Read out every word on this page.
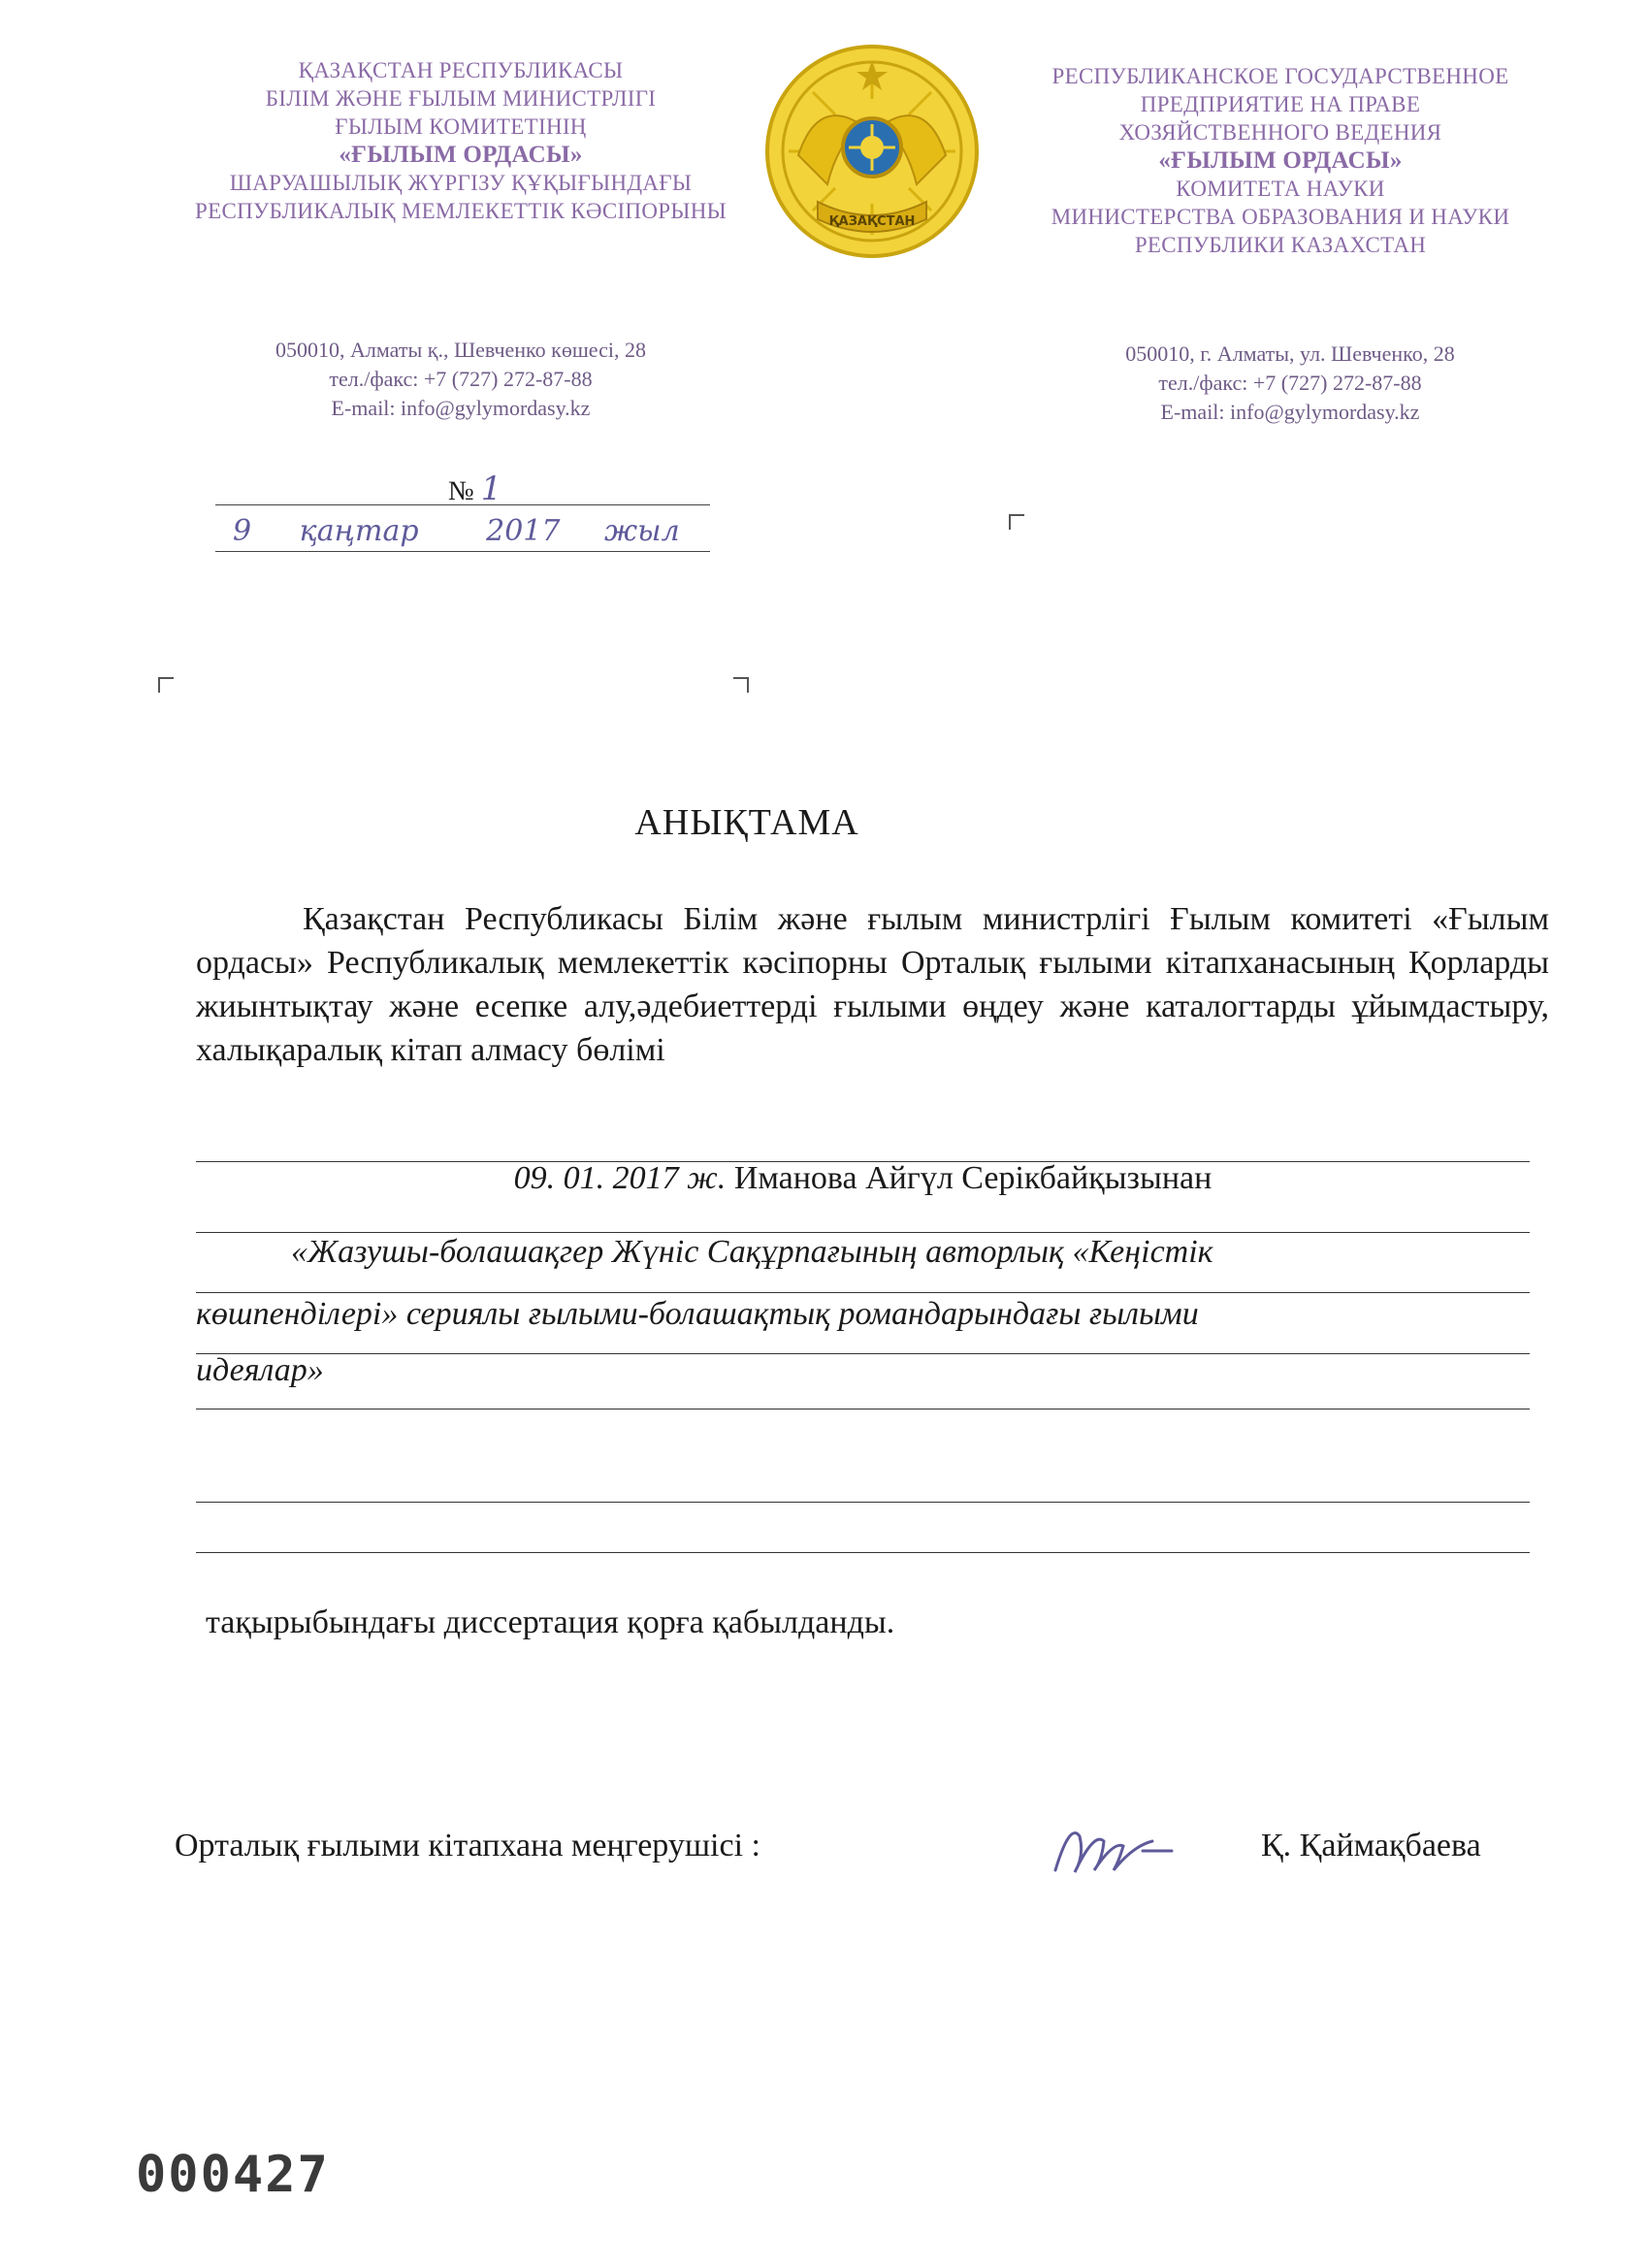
ҚАЗАҚСТАН РЕСПУБЛИКАСЫ
БІЛІМ ЖӘНЕ ҒЫЛЫМ МИНИСТРЛІГІ
ҒЫЛЫМ КОМИТЕТІНІҢ
«ҒЫЛЫМ ОРДАСЫ»
ШАРУАШЫЛЫҚ ЖҮРГІЗУ ҚҰҚЫҒЫНДАҒЫ
РЕСПУБЛИКАЛЫҚ МЕМЛЕКЕТТІК КӘСІПОРЫНЫ	ҚАЗАҚСТАН
РЕСПУБЛИКАНСКОЕ ГОСУДАРСТВЕННОЕ
ПРЕДПРИЯТИЕ НА ПРАВЕ
ХОЗЯЙСТВЕННОГО ВЕДЕНИЯ
«ҒЫЛЫМ ОРДАСЫ»
КОМИТЕТА НАУКИ
МИНИСТЕРСТВА ОБРАЗОВАНИЯ И НАУКИ
РЕСПУБЛИКИ КАЗАХСТАН
050010, Алматы қ., Шевченко көшесі, 28
тел./факс: +7 (727) 272-87-88
E-mail: info@gylymordasy.kz
050010, г. Алматы, ул. Шевченко, 28
тел./факс: +7 (727) 272-87-88
E-mail: info@gylymordasy.kz
№ 1
9 қаңтар 2017 жыл
АНЫҚТАМА
Қазақстан Республикасы Білім және ғылым министрлігі Ғылым комитеті «Ғылым ордасы» Республикалық мемлекеттік кәсіпорны Орталық ғылыми кітапханасының Қорларды жиынтықтау және есепке алу,әдебиеттерді ғылыми өңдеу және каталогтарды ұйымдастыру, халықаралық кітап алмасу бөлімі
09. 01. 2017 ж. Иманова Айгүл Серікбайқызынан
«Жазушы-болашақгер Жүніс Сақұрпағының авторлық «Кеңістік
көшпенділері» сериялы ғылыми-болашақтық романдарындағы ғылыми
идеялар»
тақырыбындағы диссертация қорға қабылданды.
Орталық ғылыми кітапхана меңгерушісі :	Қ. Қаймақбаева
000427
